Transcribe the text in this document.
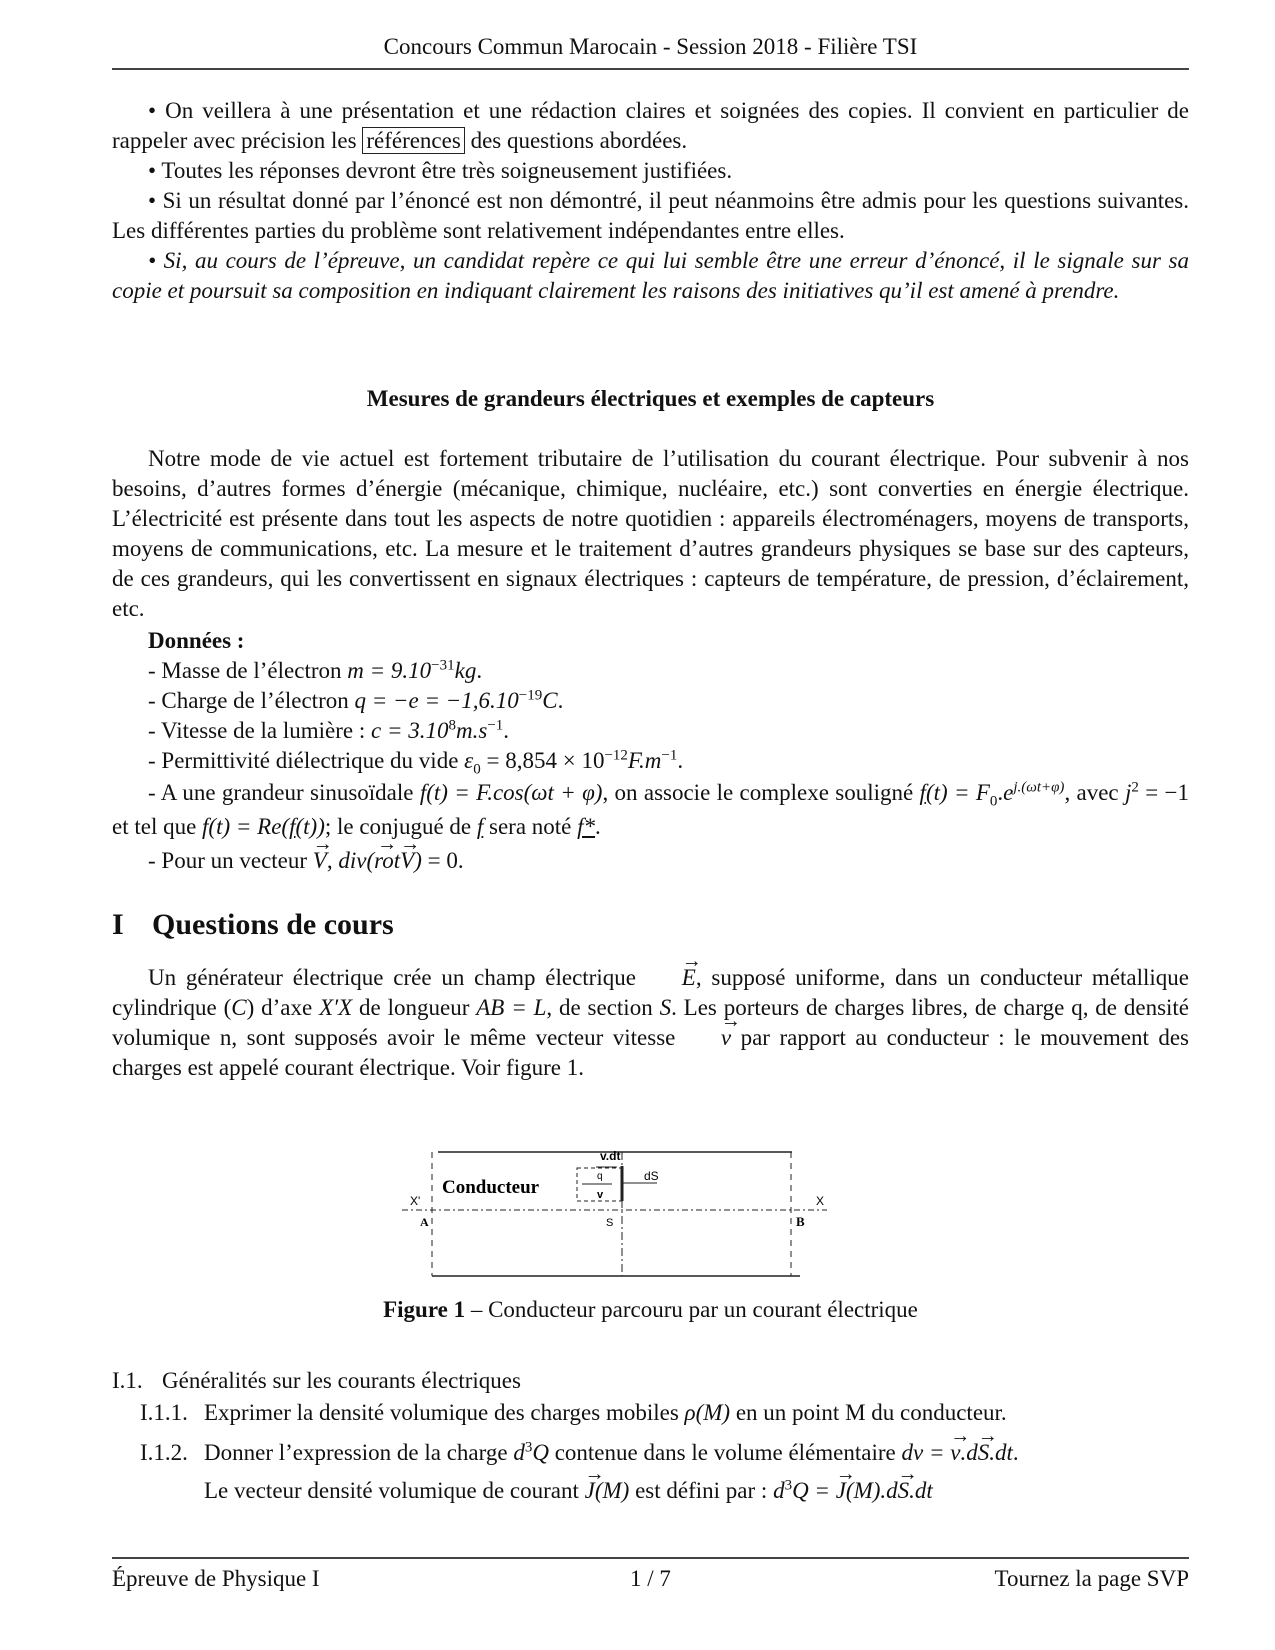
Concours Commun Marocain - Session 2018 - Filière TSI
• On veillera à une présentation et une rédaction claires et soignées des copies. Il convient en particulier de rappeler avec précision les références des questions abordées.
• Toutes les réponses devront être très soigneusement justifiées.
• Si un résultat donné par l’énoncé est non démontré, il peut néanmoins être admis pour les questions suivantes. Les différentes parties du problème sont relativement indépendantes entre elles.
• Si, au cours de l’épreuve, un candidat repère ce qui lui semble être une erreur d’énoncé, il le signale sur sa copie et poursuit sa composition en indiquant clairement les raisons des initiatives qu’il est amené à prendre.
Mesures de grandeurs électriques et exemples de capteurs
Notre mode de vie actuel est fortement tributaire de l’utilisation du courant électrique. Pour subvenir à nos besoins, d’autres formes d’énergie (mécanique, chimique, nucléaire, etc.) sont converties en énergie électrique. L’électricité est présente dans tout les aspects de notre quotidien : appareils électroménagers, moyens de transports, moyens de communications, etc. La mesure et le traitement d’autres grandeurs physiques se base sur des capteurs, de ces grandeurs, qui les convertissent en signaux électriques : capteurs de température, de pression, d’éclairement, etc.
Données :
- Masse de l’électron $m = 9.10^{-31}kg$.
- Charge de l’électron $q = -e = -1,6.10^{-19}C$.
- Vitesse de la lumière : $c = 3.10^8m.s^{-1}$.
- Permittivité diélectrique du vide $\varepsilon_0 = 8,854 \times 10^{-12}F.m^{-1}$.
- A une grandeur sinusoïdale f(t) = F.cos(ωt + φ), on associe le complexe souligné $f(t) = F_0.e^{j.(\omega t+\varphi)}$, avec $j^2 = -1$ et tel que f(t) = Re(f(t)); le conjugué de f sera noté f*.
- Pour un vecteur → V, div(→ rot→ V) = 0.
I Questions de cours
Un générateur électrique crée un champ électrique → E, supposé uniforme, dans un conducteur métallique cylindrique (C) d’axe X′X de longueur AB = L, de section S. Les porteurs de charges libres, de charge q, de densité volumique n, sont supposés avoir le même vecteur vitesse → v par rapport au conducteur : le mouvement des charges est appelé courant électrique. Voir figure 1.
Conducteur
v.dt
q
v
dS
X'	X
A	B
S
Figure 1 – Conducteur parcouru par un courant électrique
I.1. Généralités sur les courants électriques
I.1.1. Exprimer la densité volumique des charges mobiles ρ(M) en un point M du conducteur.
I.1.2. Donner l’expression de la charge $d^3Q$ contenue dans le volume élémentaire dv = → v.d→ S.dt.
Le vecteur densité volumique de courant → J(M) est défini par : $d^3Q$ = → J(M).d→ S.dt
Épreuve de Physique I	1 / 7	Tournez la page SVP
